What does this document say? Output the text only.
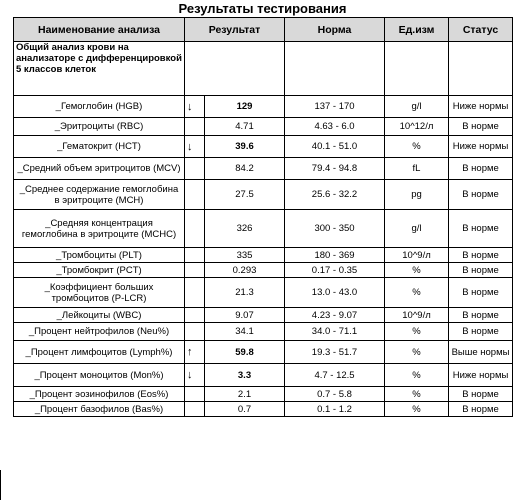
Результаты тестирования
Наименование анализа	Результат		Норма	Ед.изм	Статус
Общий анализ крови на анализаторе с дифференцировкой 5 классов клеток					
_Гемоглобин (HGB)	↓	129	137 - 170	g/l	Ниже нормы
_Эритроциты (RBC)		4.71	4.63 - 6.0	10^12/л	В норме
_Гематокрит (HCT)	↓	39.6	40.1 - 51.0	%	Ниже нормы
_Средний объем эритроцитов (MCV)		84.2	79.4 - 94.8	fL	В норме
_Среднее содержание гемоглобина в эритроците (MCH)		27.5	25.6 - 32.2	pg	В норме
_Средняя концентрация гемоглобина в эритроците (MCHC)		326	300 - 350	g/l	В норме
_Тромбоциты (PLT)		335	180 - 369	10^9/л	В норме
_Тромбокрит (PCT)		0.293	0.17 - 0.35	%	В норме
_Коэффициент больших тромбоцитов (P-LCR)		21.3	13.0 - 43.0	%	В норме
_Лейкоциты (WBC)		9.07	4.23 - 9.07	10^9/л	В норме
_Процент нейтрофилов (Neu%)		34.1	34.0 - 71.1	%	В норме
_Процент лимфоцитов (Lymph%)	↑	59.8	19.3 - 51.7	%	Выше нормы
_Процент моноцитов (Mon%)	↓	3.3	4.7 - 12.5	%	Ниже нормы
_Процент эозинофилов (Eos%)		2.1	0.7 - 5.8	%	В норме
_Процент базофилов (Bas%)		0.7	0.1 - 1.2	%	В норме
